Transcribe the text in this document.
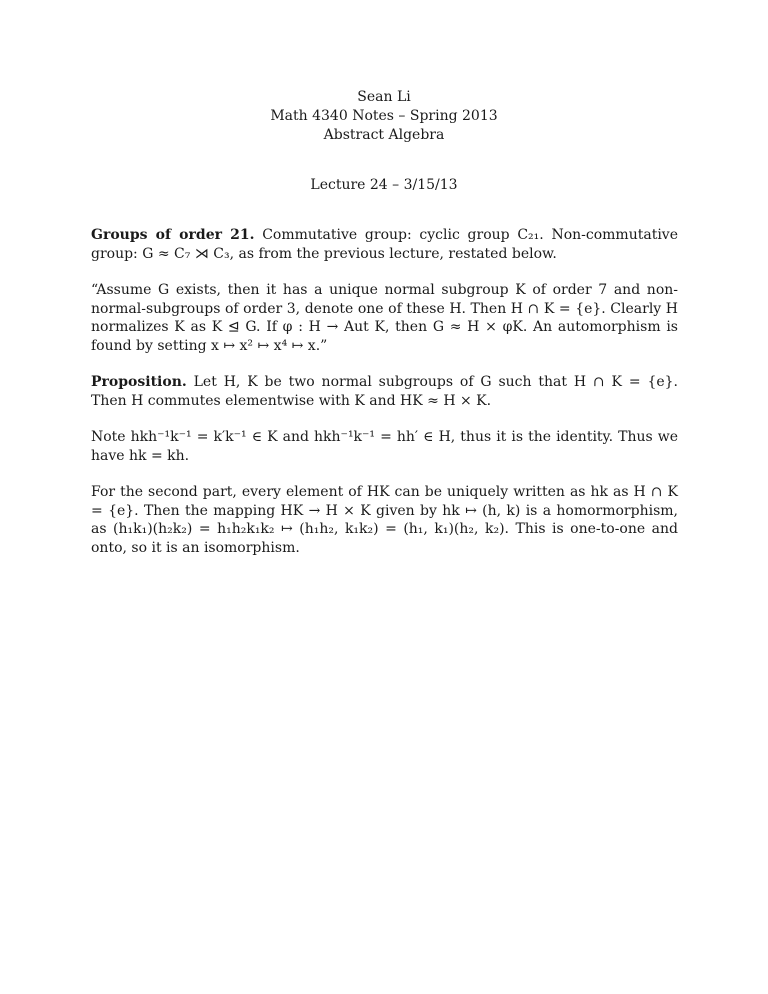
Sean Li
Math 4340 Notes – Spring 2013
Abstract Algebra
Lecture 24 – 3/15/13

Groups of order 21. Commutative group: cyclic group C₂₁. Non-commutative group: G ≈ C₇ ⋊ C₃, as from the previous lecture, restated below.

“Assume G exists, then it has a unique normal subgroup K of order 7 and non-normal-subgroups of order 3, denote one of these H. Then H ∩ K = {e}. Clearly H normalizes K as K ⊴ G. If φ : H → Aut K, then G ≈ H × φK. An automorphism is found by setting x ↦ x² ↦ x⁴ ↦ x.”

Proposition. Let H, K be two normal subgroups of G such that H ∩ K = {e}. Then H commutes elementwise with K and HK ≈ H × K.

Note hkh⁻¹k⁻¹ = k′k⁻¹ ∈ K and hkh⁻¹k⁻¹ = hh′ ∈ H, thus it is the identity. Thus we have hk = kh.

For the second part, every element of HK can be uniquely written as hk as H ∩ K = {e}. Then the mapping HK → H × K given by hk ↦ (h, k) is a homormorphism, as (h₁k₁)(h₂k₂) = h₁h₂k₁k₂ ↦ (h₁h₂, k₁k₂) = (h₁, k₁)(h₂, k₂). This is one-to-one and onto, so it is an isomorphism.
